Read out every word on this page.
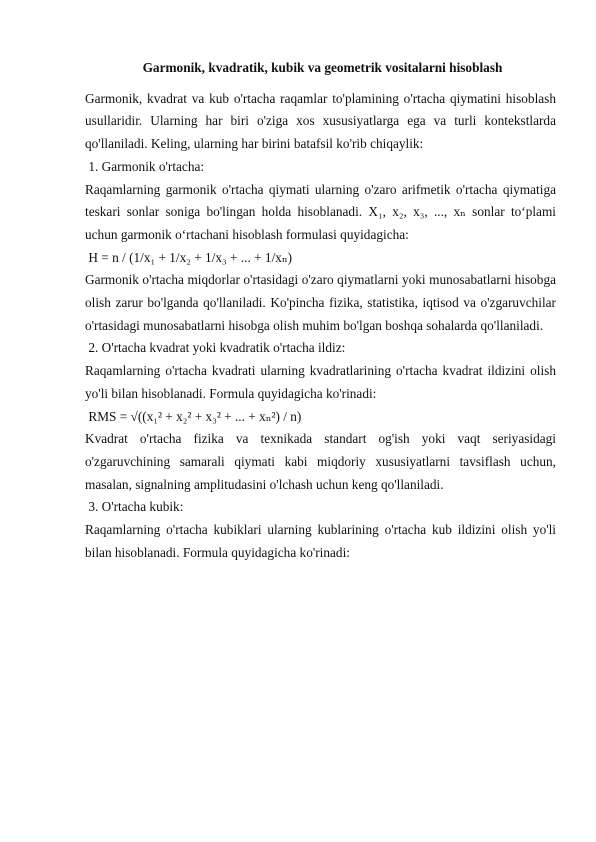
Garmonik, kvadratik, kubik va geometrik vositalarni hisoblash

Garmonik, kvadrat va kub o'rtacha raqamlar to'plamining o'rtacha qiymatini hisoblash usullaridir. Ularning har biri o'ziga xos xususiyatlarga ega va turli kontekstlarda qo'llaniladi. Keling, ularning har birini batafsil ko'rib chiqaylik:

1. Garmonik o'rtacha:

Raqamlarning garmonik o'rtacha qiymati ularning o'zaro arifmetik o'rtacha qiymatiga teskari sonlar soniga bo'lingan holda hisoblanadi. X₁, x₂, x₃, ..., xₙ sonlar to‘plami uchun garmonik o‘rtachani hisoblash formulasi quyidagicha:

H = n / (1/x₁ + 1/x₂ + 1/x₃ + ... + 1/xₙ)

Garmonik o'rtacha miqdorlar o'rtasidagi o'zaro qiymatlarni yoki munosabatlarni hisobga olish zarur bo'lganda qo'llaniladi. Ko'pincha fizika, statistika, iqtisod va o'zgaruvchilar o'rtasidagi munosabatlarni hisobga olish muhim bo'lgan boshqa sohalarda qo'llaniladi.

2. O'rtacha kvadrat yoki kvadratik o'rtacha ildiz:

Raqamlarning o'rtacha kvadrati ularning kvadratlarining o'rtacha kvadrat ildizini olish yo'li bilan hisoblanadi. Formula quyidagicha ko'rinadi:

RMS = √((x₁² + x₂² + x₃² + ... + xₙ²) / n)

Kvadrat o'rtacha fizika va texnikada standart og'ish yoki vaqt seriyasidagi o'zgaruvchining samarali qiymati kabi miqdoriy xususiyatlarni tavsiflash uchun, masalan, signalning amplitudasini o'lchash uchun keng qo'llaniladi.

3. O'rtacha kubik:

Raqamlarning o'rtacha kubiklari ularning kublarining o'rtacha kub ildizini olish yo'li bilan hisoblanadi. Formula quyidagicha ko'rinadi:
